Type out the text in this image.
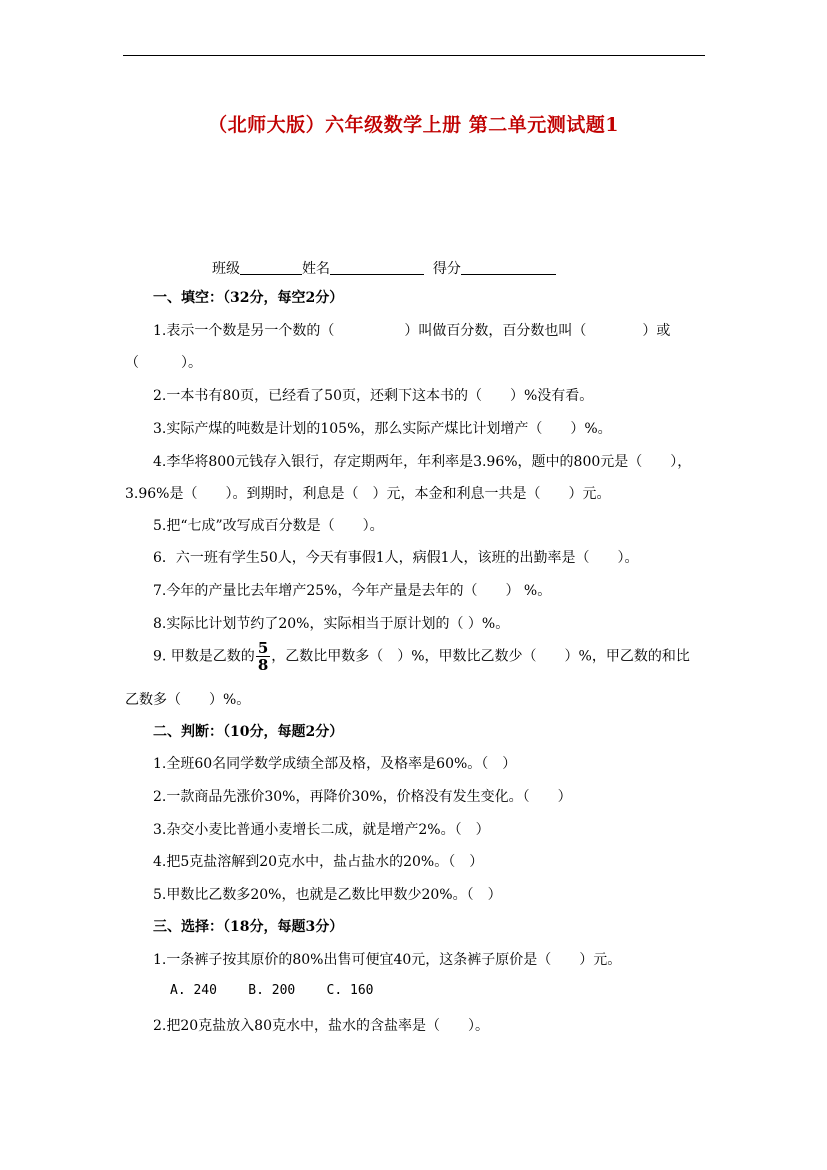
（北师大版）六年级数学上册 第二单元测试题1
班级	姓名	得分
一、填空：（32分，每空2分）
1.表示一个数是另一个数的（　　　　　）叫做百分数，百分数也叫（　　　　）或
（　　　）。
2.一本书有80页，已经看了50页，还剩下这本书的（　　）%没有看。
3.实际产煤的吨数是计划的105%，那么实际产煤比计划增产（　　）%。
4.李华将800元钱存入银行，存定期两年，年利率是3.96%，题中的800元是（　　），
3.96%是（　　）。到期时，利息是（　）元，本金和利息一共是（　　）元。
5.把“七成”改写成百分数是（　　）。
6．六一班有学生50人，今天有事假1人，病假1人，该班的出勤率是（　　）。
7.今年的产量比去年增产25%，今年产量是去年的（　　） %。
8.实际比计划节约了20%，实际相当于原计划的（ ）%。
9. 甲数是乙数的 $\frac{5}{8}$ ，乙数比甲数多（　）%，甲数比乙数少（　　）%，甲乙数的和比
乙数多（　　）%。
二、判断：（10分，每题2分）
1.全班60名同学数学成绩全部及格，及格率是60%。（　）
2.一款商品先涨价30%，再降价30%，价格没有发生变化。（　　）
3.杂交小麦比普通小麦增长二成，就是增产2%。（　）
4.把5克盐溶解到20克水中，盐占盐水的20%。（　）
5.甲数比乙数多20%，也就是乙数比甲数少20%。（　）
三、选择：（18分，每题3分）
1.一条裤子按其原价的80%出售可便宜40元，这条裤子原价是（　　）元。
A. 240    B. 200    C. 160
2.把20克盐放入80克水中，盐水的含盐率是（　　）。
